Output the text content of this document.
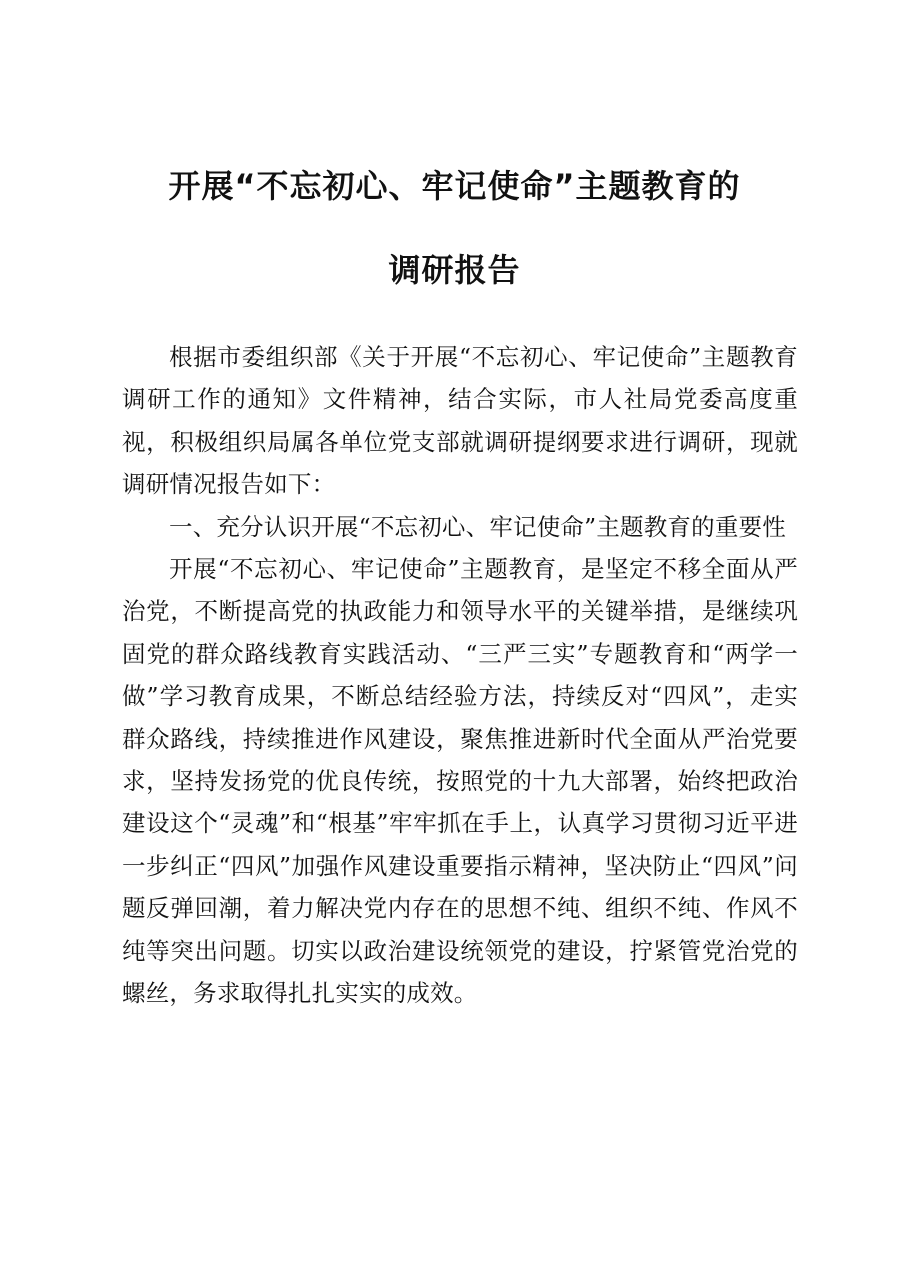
开展“不忘初心、牢记使命”主题教育的
调研报告

根据市委组织部《关于开展“不忘初心、牢记使命”主题教育调研工作的通知》文件精神，结合实际，市人社局党委高度重视，积极组织局属各单位党支部就调研提纲要求进行调研，现就调研情况报告如下：

一、充分认识开展“不忘初心、牢记使命”主题教育的重要性

开展“不忘初心、牢记使命”主题教育，是坚定不移全面从严治党，不断提高党的执政能力和领导水平的关键举措，是继续巩固党的群众路线教育实践活动、“三严三实”专题教育和“两学一做”学习教育成果，不断总结经验方法，持续反对“四风”，走实群众路线，持续推进作风建设，聚焦推进新时代全面从严治党要求，坚持发扬党的优良传统，按照党的十九大部署，始终把政治建设这个“灵魂”和“根基”牢牢抓在手上，认真学习贯彻习近平进一步纠正“四风”加强作风建设重要指示精神，坚决防止“四风”问题反弹回潮，着力解决党内存在的思想不纯、组织不纯、作风不纯等突出问题。切实以政治建设统领党的建设，拧紧管党治党的螺丝，务求取得扎扎实实的成效。
